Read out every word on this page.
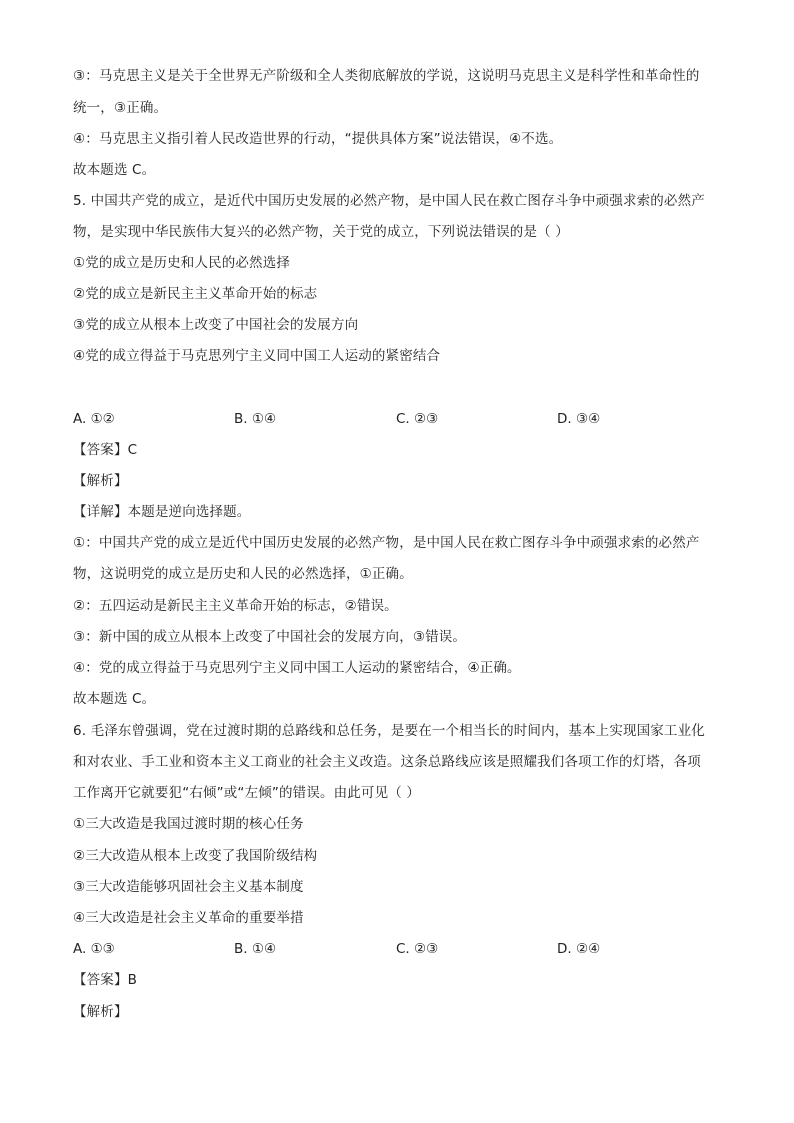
③：马克思主义是关于全世界无产阶级和全人类彻底解放的学说，这说明马克思主义是科学性和革命性的
统一，③正确。
④：马克思主义指引着人民改造世界的行动，“提供具体方案”说法错误，④不选。
故本题选 C。
5. 中国共产党的成立，是近代中国历史发展的必然产物，是中国人民在救亡图存斗争中顽强求索的必然产
物，是实现中华民族伟大复兴的必然产物，关于党的成立，下列说法错误的是（ ）
①党的成立是历史和人民的必然选择
②党的成立是新民主主义革命开始的标志
③党的成立从根本上改变了中国社会的发展方向
④党的成立得益于马克思列宁主义同中国工人运动的紧密结合
A. ①②	B. ①④	C. ②③	D. ③④
【答案】C
【解析】
【详解】本题是逆向选择题。
①：中国共产党的成立是近代中国历史发展的必然产物，是中国人民在救亡图存斗争中顽强求索的必然产
物，这说明党的成立是历史和人民的必然选择，①正确。
②：五四运动是新民主主义革命开始的标志，②错误。
③：新中国的成立从根本上改变了中国社会的发展方向，③错误。
④：党的成立得益于马克思列宁主义同中国工人运动的紧密结合，④正确。
故本题选 C。
6. 毛泽东曾强调，党在过渡时期的总路线和总任务，是要在一个相当长的时间内，基本上实现国家工业化
和对农业、手工业和资本主义工商业的社会主义改造。这条总路线应该是照耀我们各项工作的灯塔，各项
工作离开它就要犯“右倾”或“左倾”的错误。由此可见（ ）
①三大改造是我国过渡时期的核心任务
②三大改造从根本上改变了我国阶级结构
③三大改造能够巩固社会主义基本制度
④三大改造是社会主义革命的重要举措
A. ①③	B. ①④	C. ②③	D. ②④
【答案】B
【解析】
